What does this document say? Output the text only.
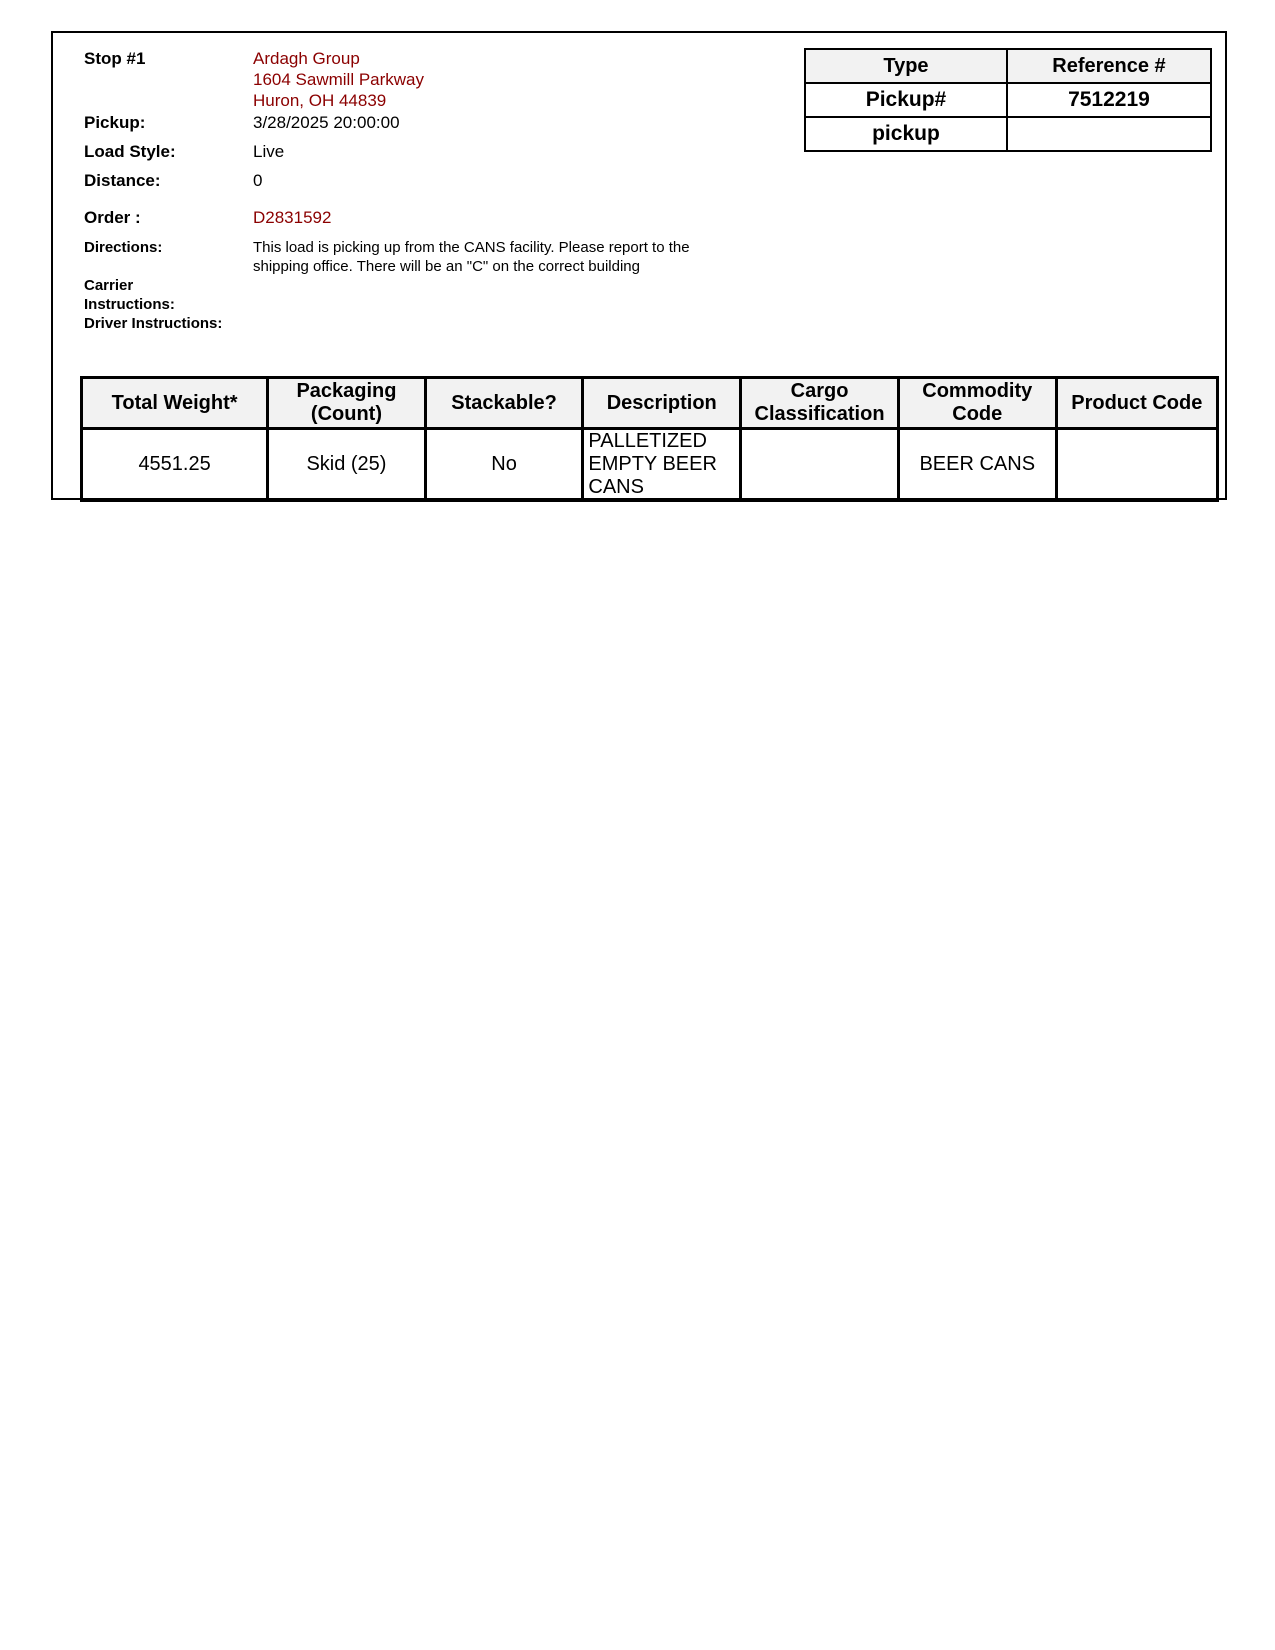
Stop #1	Ardagh Group
1604 Sawmill Parkway
Huron, OH 44839
Pickup:	3/28/2025 20:00:00
Load Style:	Live
Distance:	0
Order :	D2831592
Directions:	This load is picking up from the CANS facility. Please report to the shipping office. There will be an "C" on the correct building
Carrier Instructions:
Driver Instructions:
Type	Reference #
Pickup#	7512219
pickup	
Total Weight*	Packaging (Count)	Stackable?	Description	Cargo Classification	Commodity Code	Product Code
4551.25	Skid (25)	No	PALLETIZED EMPTY BEER CANS		BEER CANS	
